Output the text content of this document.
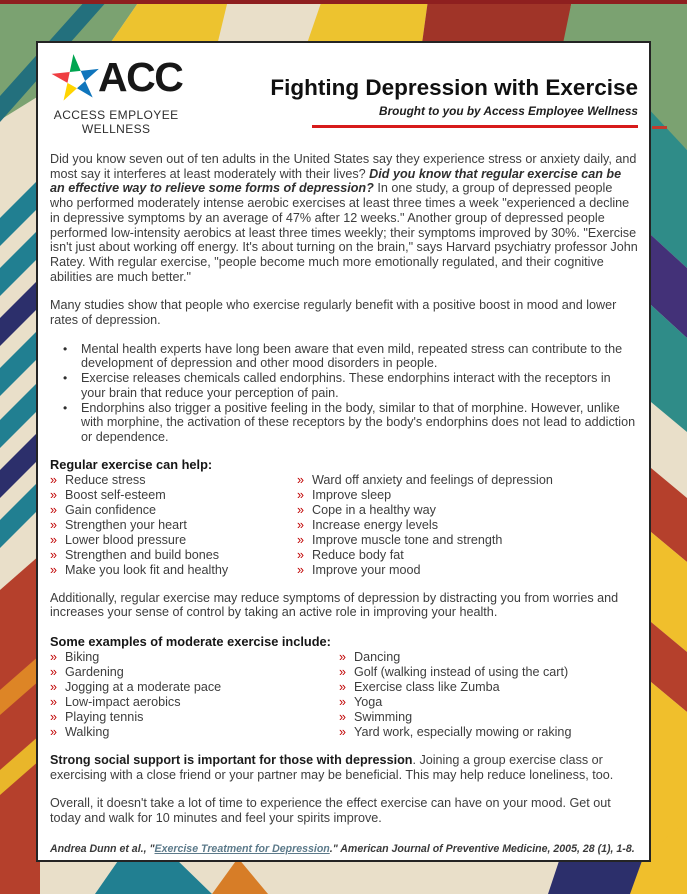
ACC
ACCESS EMPLOYEE
WELLNESS
Fighting Depression with Exercise
Brought to you by Access Employee Wellness

Did you know seven out of ten adults in the United States say they experience stress or anxiety daily, and most say it interferes at least moderately with their lives? Did you know that regular exercise can be an effective way to relieve some forms of depression? In one study, a group of depressed people who performed moderately intense aerobic exercises at least three times a week "experienced a decline in depressive symptoms by an average of 47% after 12 weeks." Another group of depressed people performed low-intensity aerobics at least three times weekly; their symptoms improved by 30%. "Exercise isn't just about working off energy. It's about turning on the brain," says Harvard psychiatry professor John Ratey. With regular exercise, "people become much more emotionally regulated, and their cognitive abilities are much better."

Many studies show that people who exercise regularly benefit with a positive boost in mood and lower rates of depression.

•	Mental health experts have long been aware that even mild, repeated stress can contribute to the development of depression and other mood disorders in people.
•	Exercise releases chemicals called endorphins. These endorphins interact with the receptors in your brain that reduce your perception of pain.
•	Endorphins also trigger a positive feeling in the body, similar to that of morphine. However, unlike with morphine, the activation of these receptors by the body's endorphins does not lead to addiction or dependence.
Regular exercise can help:
» Reduce stress
» Boost self-esteem
» Gain confidence
» Strengthen your heart
» Lower blood pressure
» Strengthen and build bones
» Make you look fit and healthy
» Ward off anxiety and feelings of depression
» Improve sleep
» Cope in a healthy way
» Increase energy levels
» Improve muscle tone and strength
» Reduce body fat
» Improve your mood

Additionally, regular exercise may reduce symptoms of depression by distracting you from worries and increases your sense of control by taking an active role in improving your health.

Some examples of moderate exercise include:
» Biking
» Gardening
» Jogging at a moderate pace
» Low-impact aerobics
» Playing tennis
» Walking
» Dancing
» Golf (walking instead of using the cart)
» Exercise class like Zumba
» Yoga
» Swimming
» Yard work, especially mowing or raking

Strong social support is important for those with depression. Joining a group exercise class or exercising with a close friend or your partner may be beneficial. This may help reduce loneliness, too.

Overall, it doesn't take a lot of time to experience the effect exercise can have on your mood. Get out today and walk for 10 minutes and feel your spirits improve.

Andrea Dunn et al., "Exercise Treatment for Depression." American Journal of Preventive Medicine, 2005, 28 (1), 1-8.
